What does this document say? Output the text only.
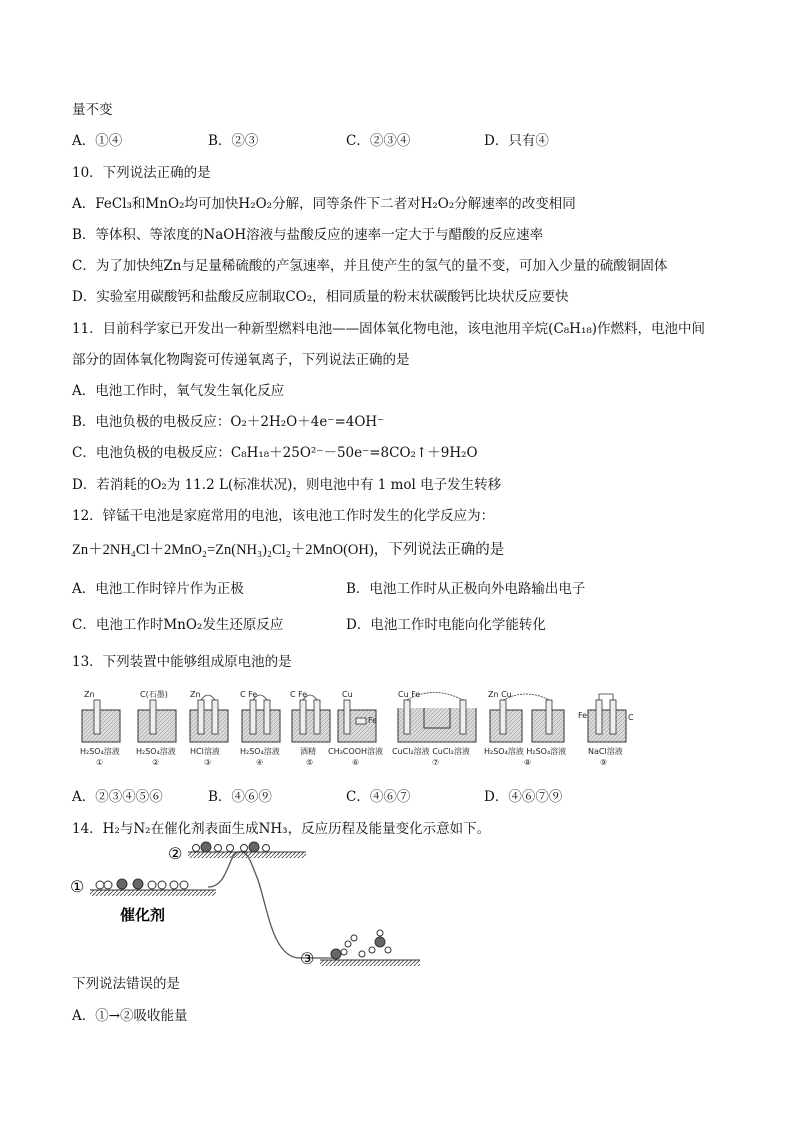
量不变
A．①④	B．②③	C．②③④	D．只有④
10．下列说法正确的是
A．FeCl₃和MnO₂均可加快H₂O₂分解，同等条件下二者对H₂O₂分解速率的改变相同
B．等体积、等浓度的NaOH溶液与盐酸反应的速率一定大于与醋酸的反应速率
C．为了加快纯Zn与足量稀硫酸的产氢速率，并且使产生的氢气的量不变，可加入少量的硫酸铜固体
D．实验室用碳酸钙和盐酸反应制取CO₂，相同质量的粉末状碳酸钙比块状反应要快
11．目前科学家已开发出一种新型燃料电池——固体氧化物电池，该电池用辛烷(C₈H₁₈)作燃料，电池中间
部分的固体氧化物陶瓷可传递氧离子，下列说法正确的是
A．电池工作时，氧气发生氧化反应
B．电池负极的电极反应：O₂＋2H₂O＋4e⁻=4OH⁻
C．电池负极的电极反应：C₈H₁₈＋25O²⁻－50e⁻=8CO₂↑＋9H₂O
D．若消耗的O₂为 11.2 L(标准状况)，则电池中有 1 mol 电子发生转移
12．锌锰干电池是家庭常用的电池，该电池工作时发生的化学反应为：
Zn＋2NH₄Cl＋2MnO₂=Zn(NH₃)₂Cl₂＋2MnO(OH)，下列说法正确的是
A．电池工作时锌片作为正极	B．电池工作时从正极向外电路输出电子
C．电池工作时MnO₂发生还原反应	D．电池工作时电能向化学能转化
13．下列装置中能够组成原电池的是
Zn
H₂SO₄溶液
①
C(石墨)
H₂SO₄溶液
②
Zn
HCl溶液
③
C Fe
H₂SO₄溶液
④
C Fe
酒精
⑤
Cu
Fe
CH₃COOH溶液
⑥
Cu Fe
CuCl₂溶液 CuCl₂溶液
⑦
Zn Cu
H₂SO₄溶液 H₂SO₄溶液
⑧
Fe	C
NaCl溶液
⑨
A．②③④⑤⑥	B．④⑥⑨	C．④⑥⑦	D．④⑥⑦⑨
14．H₂与N₂在催化剂表面生成NH₃，反应历程及能量变化示意如下。
①
催化剂
②
③
下列说法错误的是
A．①→②吸收能量
